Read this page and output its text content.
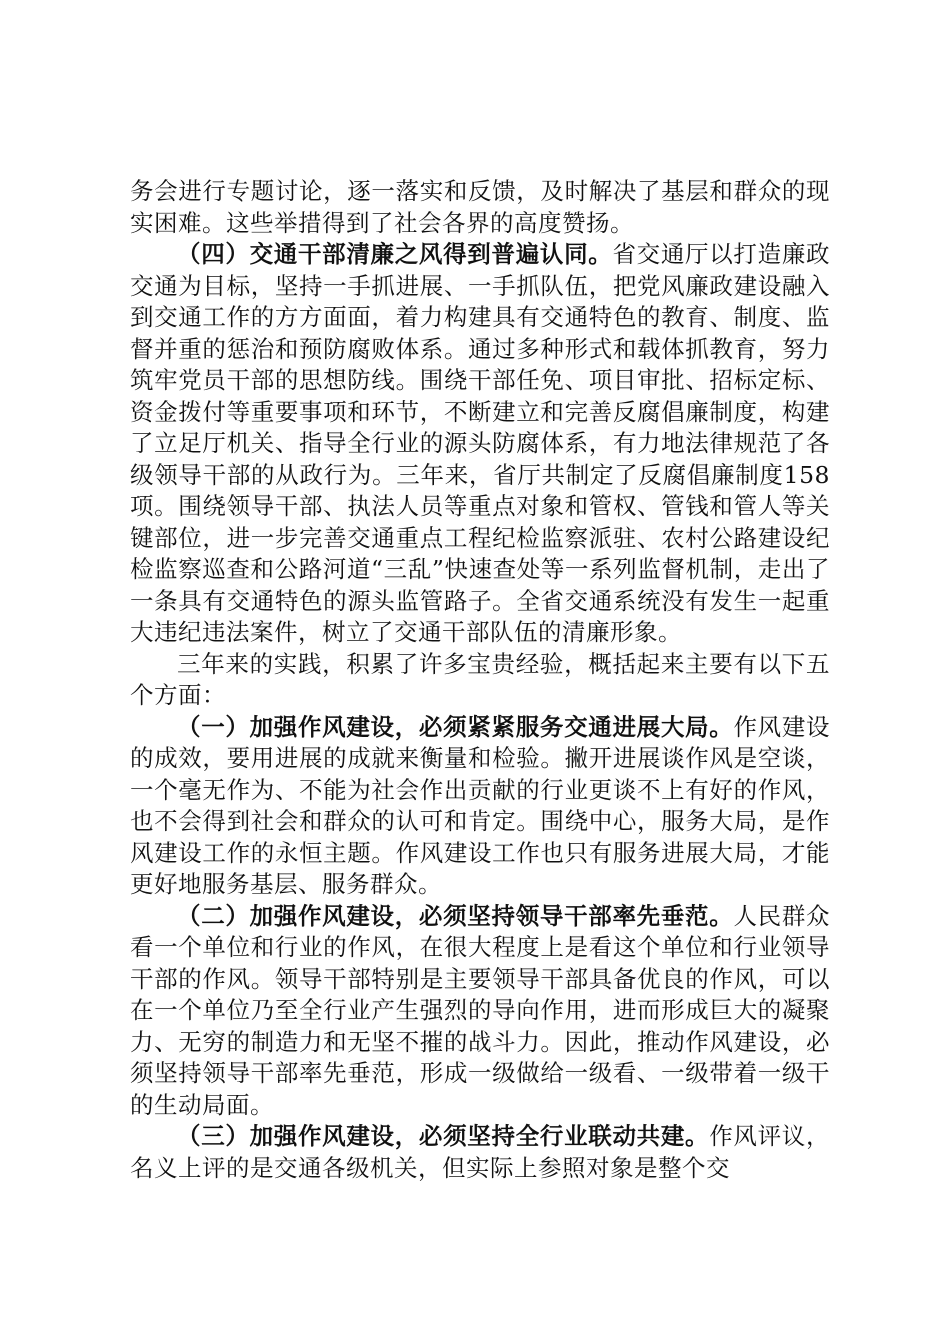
务会进行专题讨论，逐一落实和反馈，及时解决了基层和群众的现实困难。这些举措得到了社会各界的高度赞扬。

（四）交通干部清廉之风得到普遍认同。省交通厅以打造廉政交通为目标，坚持一手抓进展、一手抓队伍，把党风廉政建设融入到交通工作的方方面面，着力构建具有交通特色的教育、制度、监督并重的惩治和预防腐败体系。通过多种形式和载体抓教育，努力筑牢党员干部的思想防线。围绕干部任免、项目审批、招标定标、资金拨付等重要事项和环节，不断建立和完善反腐倡廉制度，构建了立足厅机关、指导全行业的源头防腐体系，有力地法律规范了各级领导干部的从政行为。三年来，省厅共制定了反腐倡廉制度158项。围绕领导干部、执法人员等重点对象和管权、管钱和管人等关键部位，进一步完善交通重点工程纪检监察派驻、农村公路建设纪检监察巡查和公路河道“三乱”快速查处等一系列监督机制，走出了一条具有交通特色的源头监管路子。全省交通系统没有发生一起重大违纪违法案件，树立了交通干部队伍的清廉形象。

三年来的实践，积累了许多宝贵经验，概括起来主要有以下五个方面：

（一）加强作风建设，必须紧紧服务交通进展大局。作风建设的成效，要用进展的成就来衡量和检验。撇开进展谈作风是空谈，一个毫无作为、不能为社会作出贡献的行业更谈不上有好的作风，也不会得到社会和群众的认可和肯定。围绕中心，服务大局，是作风建设工作的永恒主题。作风建设工作也只有服务进展大局，才能更好地服务基层、服务群众。

（二）加强作风建设，必须坚持领导干部率先垂范。人民群众看一个单位和行业的作风，在很大程度上是看这个单位和行业领导干部的作风。领导干部特别是主要领导干部具备优良的作风，可以在一个单位乃至全行业产生强烈的导向作用，进而形成巨大的凝聚力、无穷的制造力和无坚不摧的战斗力。因此，推动作风建设，必须坚持领导干部率先垂范，形成一级做给一级看、一级带着一级干的生动局面。

（三）加强作风建设，必须坚持全行业联动共建。作风评议，名义上评的是交通各级机关，但实际上参照对象是整个交
